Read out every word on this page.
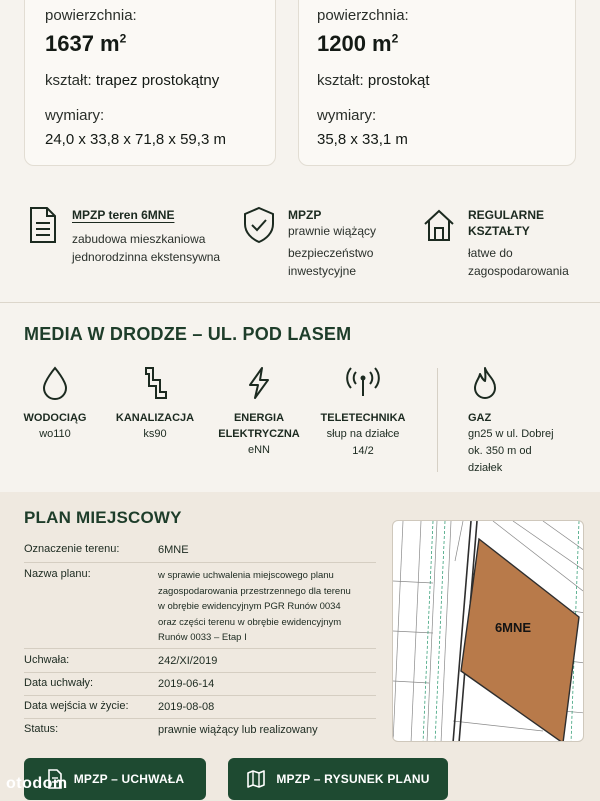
powierzchnia:
1637 $m^2$
kształt: trapez prostokątny
wymiary:
24,0 x 33,8 x 71,8 x 59,3 m
powierzchnia:
1200 $m^2$
kształt: prostokąt
wymiary:
35,8 x 33,1 m
MPZP teren 6MNE
zabudowa mieszkaniowa
jednorodzinna ekstensywna
MPZP
prawnie wiążący
bezpieczeństwo
inwestycyjne
REGULARNE
KSZTAŁTY
łatwe do
zagospodarowania
MEDIA W DRODZE – UL. POD LASEM
WODOCIĄG
wo110
KANALIZACJA
ks90
ENERGIA
ELEKTRYCZNA
eNN
TELETECHNIKA
słup na działce
14/2
GAZ
gn25 w ul. Dobrej
ok. 350 m od
działek
PLAN MIEJSCOWY
Oznaczenie terenu:	6MNE
Nazwa planu:	w sprawie uchwalenia miejscowego planu
zagospodarowania przestrzennego dla terenu
w obrębie ewidencyjnym PGR Runów 0034
oraz części terenu w obrębie ewidencyjnym
Runów 0033 – Etap I
Uchwała:	242/XI/2019
Data uchwały:	2019-06-14
Data wejścia w życie:	2019-08-08
Status:	prawnie wiążący lub realizowany
6MNE
MPZP – UCHWAŁA	MPZP – RYSUNEK PLANU
otodom
